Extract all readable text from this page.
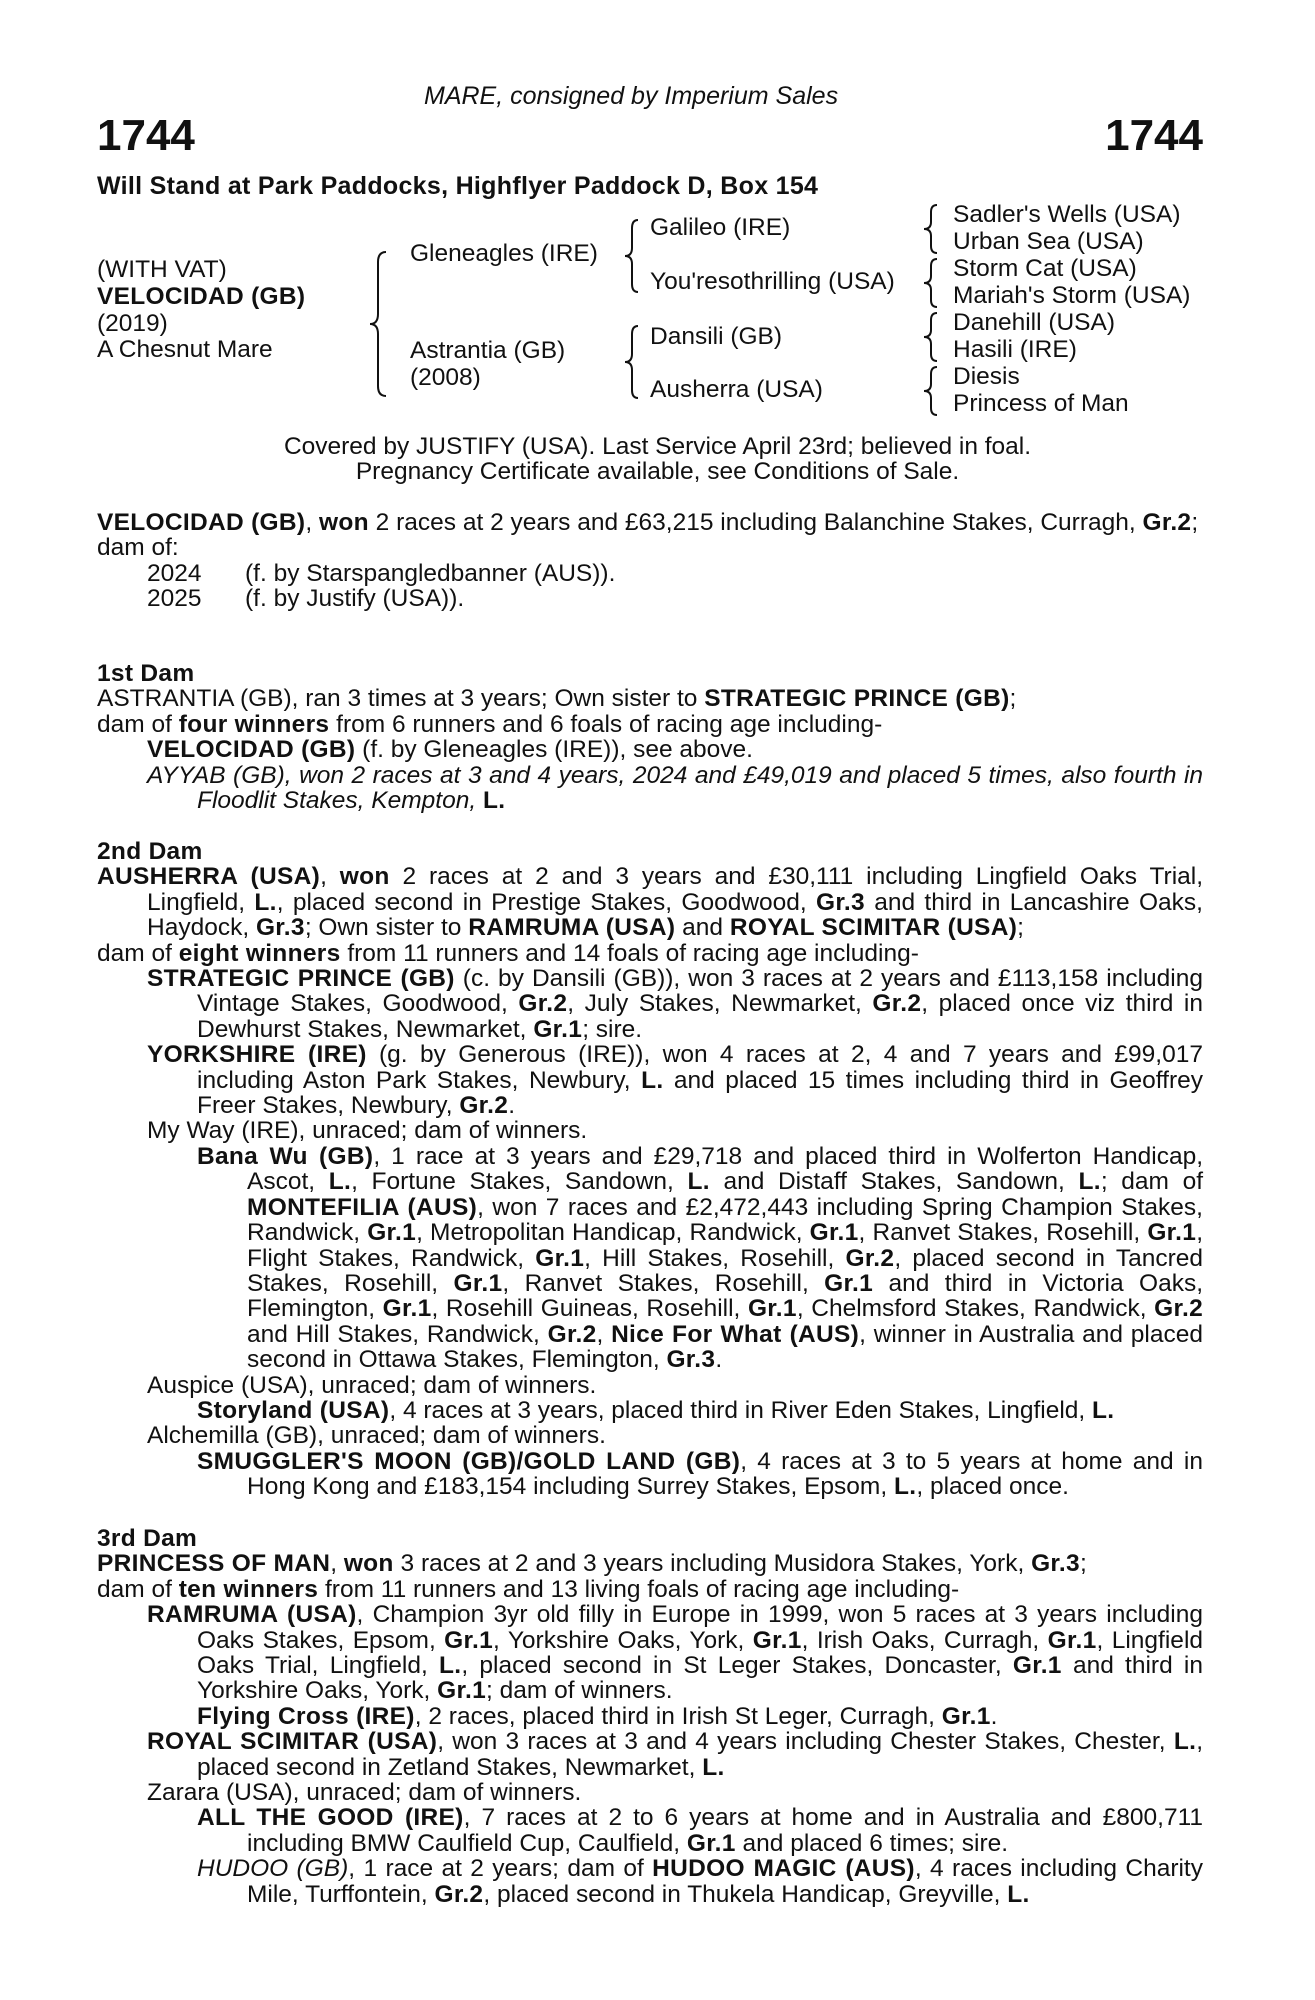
MARE, consigned by Imperium Sales
1744	1744
Will Stand at Park Paddocks, Highflyer Paddock D, Box 154
(WITH VAT)
VELOCIDAD (GB)
(2019)
A Chesnut Mare
Gleneagles (IRE)
Astrantia (GB)
(2008)
Galileo (IRE)
You'resothrilling (USA)
Dansili (GB)
Ausherra (USA)
Sadler's Wells (USA)
Urban Sea (USA)
Storm Cat (USA)
Mariah's Storm (USA)
Danehill (USA)
Hasili (IRE)
Diesis
Princess of Man
Covered by JUSTIFY (USA). Last Service April 23rd; believed in foal.
Pregnancy Certificate available, see Conditions of Sale.
VELOCIDAD (GB), won 2 races at 2 years and £63,215 including Balanchine Stakes, Curragh, Gr.2;
dam of:
2024 (f. by Starspangledbanner (AUS)).
2025 (f. by Justify (USA)).
1st Dam
ASTRANTIA (GB), ran 3 times at 3 years; Own sister to STRATEGIC PRINCE (GB);
dam of four winners from 6 runners and 6 foals of racing age including-
VELOCIDAD (GB) (f. by Gleneagles (IRE)), see above.
AYYAB (GB), won 2 races at 3 and 4 years, 2024 and £49,019 and placed 5 times, also fourth in Floodlit Stakes, Kempton, L.
2nd Dam
AUSHERRA (USA), won 2 races at 2 and 3 years and £30,111 including Lingfield Oaks Trial, Lingfield, L., placed second in Prestige Stakes, Goodwood, Gr.3 and third in Lancashire Oaks, Haydock, Gr.3; Own sister to RAMRUMA (USA) and ROYAL SCIMITAR (USA);
dam of eight winners from 11 runners and 14 foals of racing age including-
STRATEGIC PRINCE (GB) (c. by Dansili (GB)), won 3 races at 2 years and £113,158 including Vintage Stakes, Goodwood, Gr.2, July Stakes, Newmarket, Gr.2, placed once viz third in Dewhurst Stakes, Newmarket, Gr.1; sire.
YORKSHIRE (IRE) (g. by Generous (IRE)), won 4 races at 2, 4 and 7 years and £99,017 including Aston Park Stakes, Newbury, L. and placed 15 times including third in Geoffrey Freer Stakes, Newbury, Gr.2.
My Way (IRE), unraced; dam of winners.
Bana Wu (GB), 1 race at 3 years and £29,718 and placed third in Wolferton Handicap, Ascot, L., Fortune Stakes, Sandown, L. and Distaff Stakes, Sandown, L.; dam of MONTEFILIA (AUS), won 7 races and £2,472,443 including Spring Champion Stakes, Randwick, Gr.1, Metropolitan Handicap, Randwick, Gr.1, Ranvet Stakes, Rosehill, Gr.1, Flight Stakes, Randwick, Gr.1, Hill Stakes, Rosehill, Gr.2, placed second in Tancred Stakes, Rosehill, Gr.1, Ranvet Stakes, Rosehill, Gr.1 and third in Victoria Oaks, Flemington, Gr.1, Rosehill Guineas, Rosehill, Gr.1, Chelmsford Stakes, Randwick, Gr.2 and Hill Stakes, Randwick, Gr.2, Nice For What (AUS), winner in Australia and placed second in Ottawa Stakes, Flemington, Gr.3.
Auspice (USA), unraced; dam of winners.
Storyland (USA), 4 races at 3 years, placed third in River Eden Stakes, Lingfield, L.
Alchemilla (GB), unraced; dam of winners.
SMUGGLER'S MOON (GB)/GOLD LAND (GB), 4 races at 3 to 5 years at home and in Hong Kong and £183,154 including Surrey Stakes, Epsom, L., placed once.
3rd Dam
PRINCESS OF MAN, won 3 races at 2 and 3 years including Musidora Stakes, York, Gr.3;
dam of ten winners from 11 runners and 13 living foals of racing age including-
RAMRUMA (USA), Champion 3yr old filly in Europe in 1999, won 5 races at 3 years including Oaks Stakes, Epsom, Gr.1, Yorkshire Oaks, York, Gr.1, Irish Oaks, Curragh, Gr.1, Lingfield Oaks Trial, Lingfield, L., placed second in St Leger Stakes, Doncaster, Gr.1 and third in Yorkshire Oaks, York, Gr.1; dam of winners.
Flying Cross (IRE), 2 races, placed third in Irish St Leger, Curragh, Gr.1.
ROYAL SCIMITAR (USA), won 3 races at 3 and 4 years including Chester Stakes, Chester, L., placed second in Zetland Stakes, Newmarket, L.
Zarara (USA), unraced; dam of winners.
ALL THE GOOD (IRE), 7 races at 2 to 6 years at home and in Australia and £800,711 including BMW Caulfield Cup, Caulfield, Gr.1 and placed 6 times; sire.
HUDOO (GB), 1 race at 2 years; dam of HUDOO MAGIC (AUS), 4 races including Charity Mile, Turffontein, Gr.2, placed second in Thukela Handicap, Greyville, L.
